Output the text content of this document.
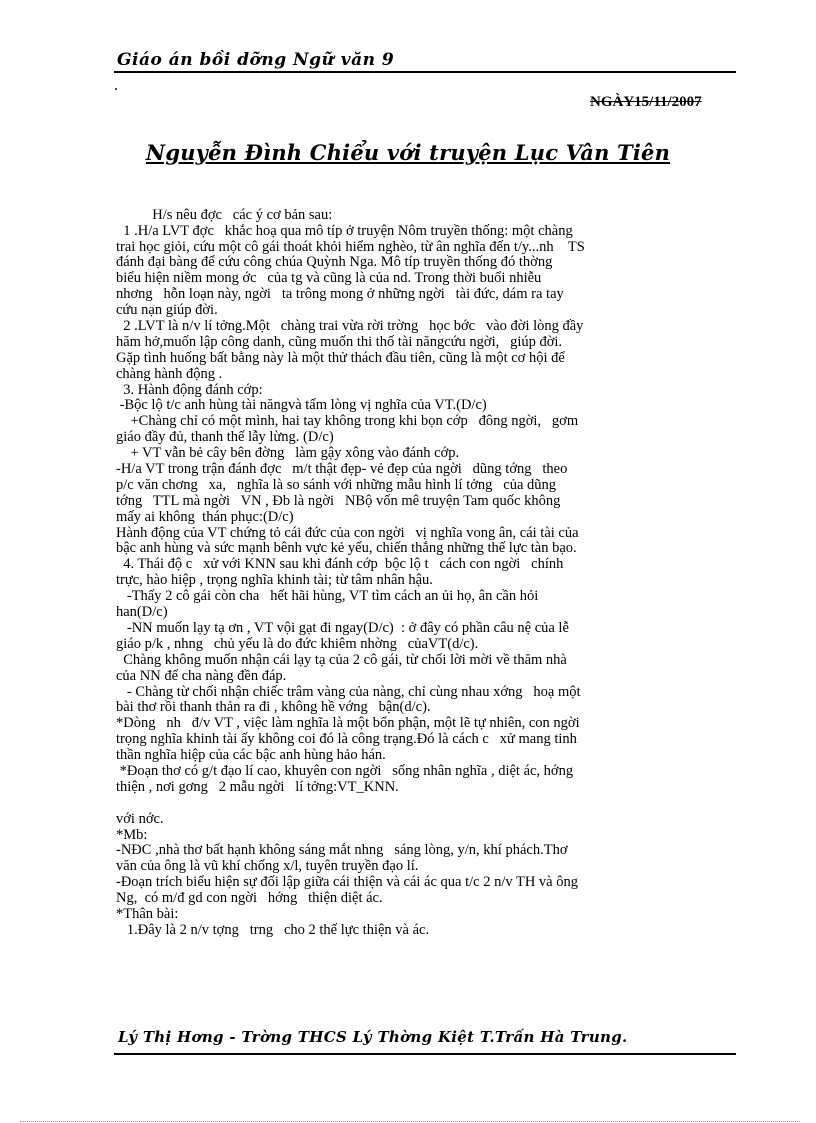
Giáo án bồi dỡng Ngữ văn 9
NGÀY15/11/2007
Nguyễn Đình Chiểu với truyện Lục Vân Tiên

H/s nêu đợc   các ý cơ bản sau:
1 .H/a LVT đợc   khắc hoạ qua mô típ ở truyện Nôm truyền thống: một chàng
trai học giỏi, cứu một cô gái thoát khỏi hiểm nghèo, từ ân nghĩa đến t/y...nh    TS
đánh đại bàng để cứu công chúa Quỳnh Nga. Mô típ truyền thống đó thờng
biểu hiện niềm mong ớc   của tg và cũng là của nd. Trong thời buổi nhiễu
nhơng   hỗn loạn này, ngời   ta trông mong ở những ngời   tài đức, dám ra tay
cứu nạn giúp đời.
2 .LVT là n/v lí tởng.Một   chàng trai vừa rời trờng   học bớc   vào đời lòng đầy
hăm hở,muốn lập công danh, cũng muốn thi thố tài năngcứu ngời,   giúp đời.
Gặp tình huống bất bằng này là một thử thách đầu tiên, cũng là một cơ hội để
chàng hành động .
3. Hành động đánh cớp:
-Bộc lộ t/c anh hùng tài năngvà tấm lòng vị nghĩa của VT.(D/c)
+Chàng chỉ có một mình, hai tay không trong khi bọn cớp   đông ngời,   gơm
giáo đầy đủ, thanh thế lẫy lừng. (D/c)
+ VT vẫn bẻ cây bên đờng   làm gậy xông vào đánh cớp.
-H/a VT trong trận đánh đợc   m/t thật đẹp- vẻ đẹp của ngời   dũng tớng   theo
p/c văn chơng   xa,   nghĩa là so sánh với những mẫu hình lí tởng   của dũng
tớng   TTL mà ngời   VN , Đb là ngời   NBộ vốn mê truyện Tam quốc không
mấy ai không  thán phục:(D/c)
Hành động của VT chứng tỏ cái đức của con ngời   vị nghĩa vong ân, cái tài của
bậc anh hùng và sức mạnh bênh vực kẻ yếu, chiến thắng những thế lực tàn bạo.
4. Thái độ c   xử với KNN sau khi đánh cớp  bộc lộ t   cách con ngời   chính
trực, hào hiệp , trọng nghĩa khinh tài; từ tâm nhân hậu.
-Thấy 2 cô gái còn cha   hết hãi hùng, VT tìm cách an ủi họ, ân cần hỏi
han(D/c)
-NN muốn lạy tạ ơn , VT vội gạt đi ngay(D/c)  : ở đây có phần câu nệ của lễ
giáo p/k , nhng   chủ yếu là do đức khiêm nhờng   củaVT(d/c).
Chàng không muốn nhận cái lạy tạ của 2 cô gái, từ chối lời mời về thăm nhà
của NN để cha nàng đền đáp.
- Chàng từ chối nhận chiếc trâm vàng của nàng, chỉ cùng nhau xớng   hoạ một
bài thơ rồi thanh thản ra đi , không hề vớng   bận(d/c).
*Dòng   nh   đ/v VT , việc làm nghĩa là một bổn phận, một lẽ tự nhiên, con ngời
trọng nghĩa khinh tài ấy không coi đó là công trạng.Đó là cách c   xử mang tinh
thần nghĩa hiệp của các bậc anh hùng hảo hán.
*Đoạn thơ có g/t đạo lí cao, khuyên con ngời   sống nhân nghĩa , diệt ác, hớng
thiện , nơi gơng   2 mẫu ngời   lí tởng:VT_KNN.

với nớc.
*Mb:
-NĐC ,nhà thơ bất hạnh không sáng mắt nhng   sáng lòng, y/n, khí phách.Thơ
văn của ông là vũ khí chống x/l, tuyên truyền đạo lí.
-Đoạn trích biểu hiện sự đối lập giữa cái thiện và cái ác qua t/c 2 n/v TH và ông
Ng,  có m/đ gd con ngời   hớng   thiện diệt ác.
*Thân bài:
1.Đây là 2 n/v tợng   trng   cho 2 thế lực thiện và ác.
Lý Thị Hơng - Trờng THCS Lý Thờng Kiệt T.Trấn Hà Trung.
